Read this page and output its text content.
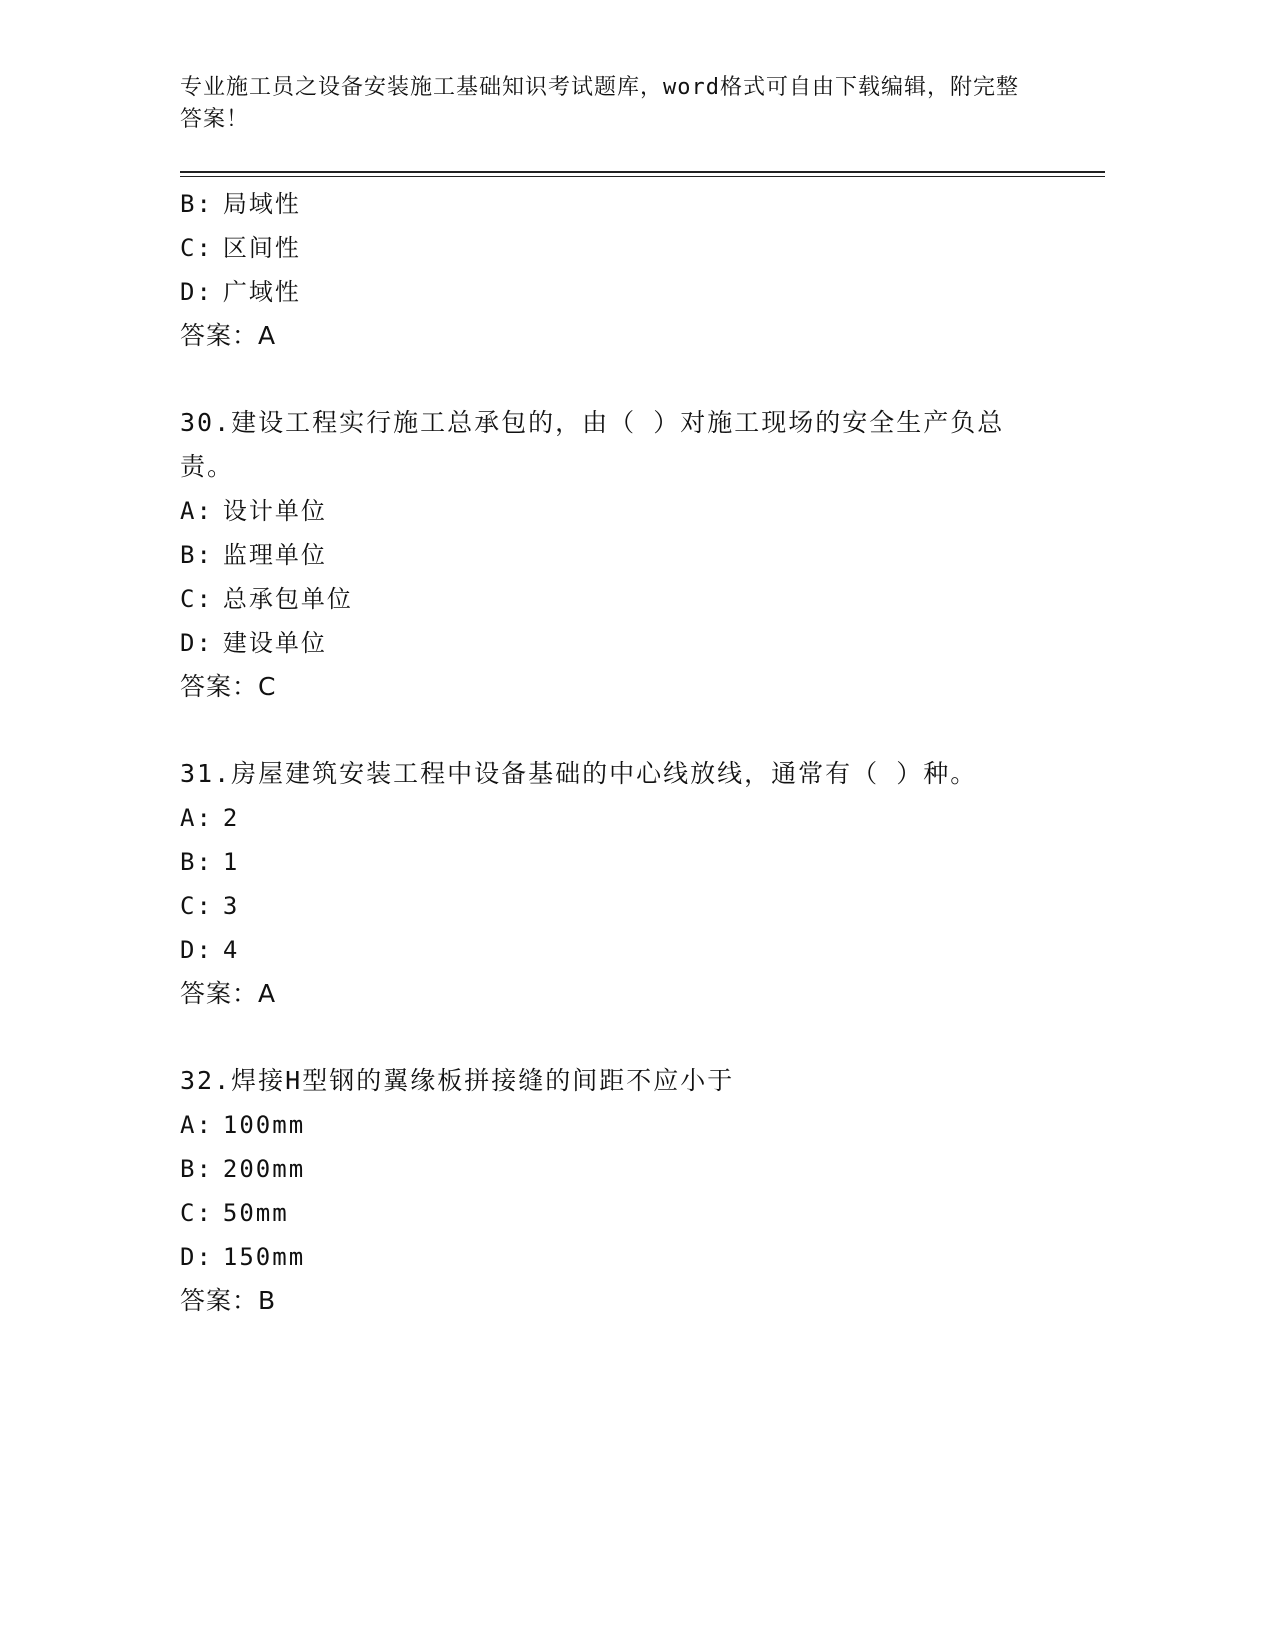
专业施工员之设备安装施工基础知识考试题库，word格式可自由下载编辑，附完整答案！
B: 局域性
C: 区间性
D: 广域性
答案：A
30.建设工程实行施工总承包的，由（ ）对施工现场的安全生产负总责。
A: 设计单位
B: 监理单位
C: 总承包单位
D: 建设单位
答案：C
31.房屋建筑安装工程中设备基础的中心线放线，通常有（ ）种。
A: 2
B: 1
C: 3
D: 4
答案：A
32.焊接H型钢的翼缘板拼接缝的间距不应小于
A: 100mm
B: 200mm
C: 50mm
D: 150mm
答案：B
